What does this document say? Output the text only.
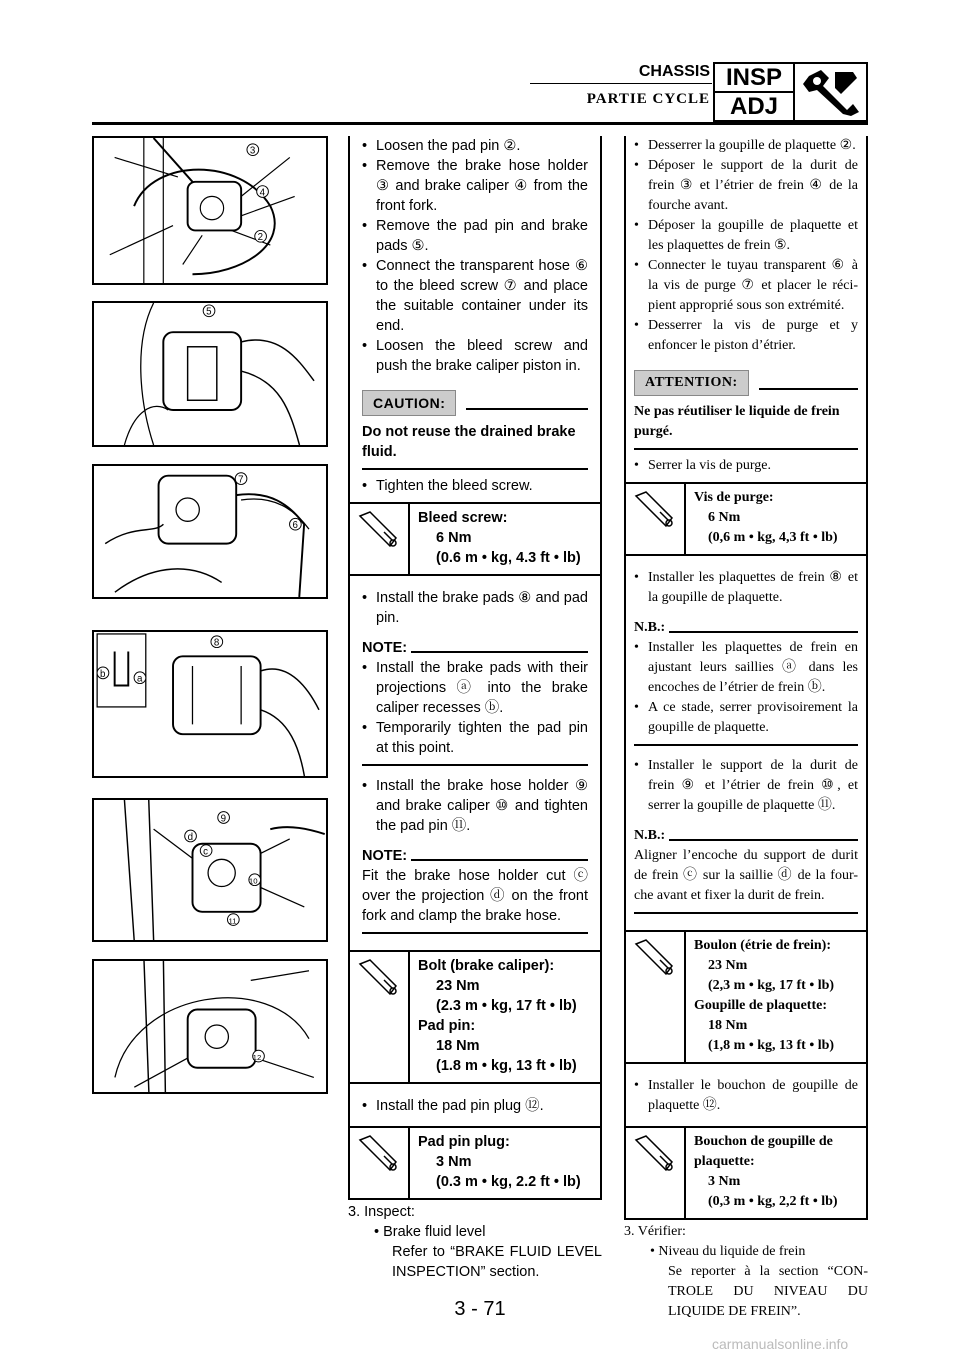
CHASSIS
PARTIE CYCLE
INSP
ADJ
3
4
2
5
7
6
8
b	a
9
d
c
10
11
12
• Loosen the pad pin ②.
• Remove the brake hose holder ③ and brake caliper ④ from the front fork.
• Remove the pad pin and brake pads ⑤.
• Connect the transparent hose ⑥ to the bleed screw ⑦ and place the suitable container under its end.
• Loosen the bleed screw and push the brake caliper piston in.
CAUTION:
Do not reuse the drained brake fluid.
• Tighten the bleed screw.
Bleed screw:
6 Nm
(0.6 m • kg, 4.3 ft • lb)
• Install the brake pads ⑧ and pad pin.
NOTE:
• Install the brake pads with their projections ⓐ into the brake caliper recesses ⓑ.
• Temporarily tighten the pad pin at this point.
• Install the brake hose holder ⑨ and brake caliper ⑩ and tighten the pad pin ⑪.
NOTE:
Fit the brake hose holder cut ⓒ over the projection ⓓ on the front fork and clamp the brake hose.
Bolt (brake caliper):
23 Nm
(2.3 m • kg, 17 ft • lb)
Pad pin:
18 Nm
(1.8 m • kg, 13 ft • lb)
• Install the pad pin plug ⑫.
Pad pin plug:
3 Nm
(0.3 m • kg, 2.2 ft • lb)
3. Inspect:
• Brake fluid level
Refer to “BRAKE FLUID LEVEL INSPECTION” section.
• Desserrer la goupille de plaquette ②.
• Déposer le support de la durit de frein ③ et l’étrier de frein ④ de la fourche avant.
• Déposer la goupille de plaquette et les plaquettes de frein ⑤.
• Connecter le tuyau transparent ⑥ à la vis de purge ⑦ et placer le réci- pient approprié sous son extrémité.
• Desserrer la vis de purge et y enfoncer le piston d’étrier.
ATTENTION:
Ne pas réutiliser le liquide de frein purgé.
• Serrer la vis de purge.
Vis de purge:
6 Nm
(0,6 m • kg, 4,3 ft • lb)
• Installer les plaquettes de frein ⑧ et la goupille de plaquette.
N.B.:
• Installer les plaquettes de frein en ajustant leurs saillies ⓐ dans les encoches de l’étrier de frein ⓑ.
• A ce stade, serrer provisoirement la goupille de plaquette.
• Installer le support de la durit de frein ⑨ et l’étrier de frein ⑩, et serrer la goupille de plaquette ⑪.
N.B.:
Aligner l’encoche du support de durit de frein ⓒ sur la saillie ⓓ de la four- che avant et fixer la durit de frein.
Boulon (étrie de frein):
23 Nm
(2,3 m • kg, 17 ft • lb)
Goupille de plaquette:
18 Nm
(1,8 m • kg, 13 ft • lb)
• Installer le bouchon de goupille de plaquette ⑫.
Bouchon de goupille de plaquette:
3 Nm
(0,3 m • kg, 2,2 ft • lb)
3. Vérifier:
• Niveau du liquide de frein
Se reporter à la section “CON- TROLE DU NIVEAU DU LIQUIDE DE FREIN”.
3 - 71
carmanualsonline.info
